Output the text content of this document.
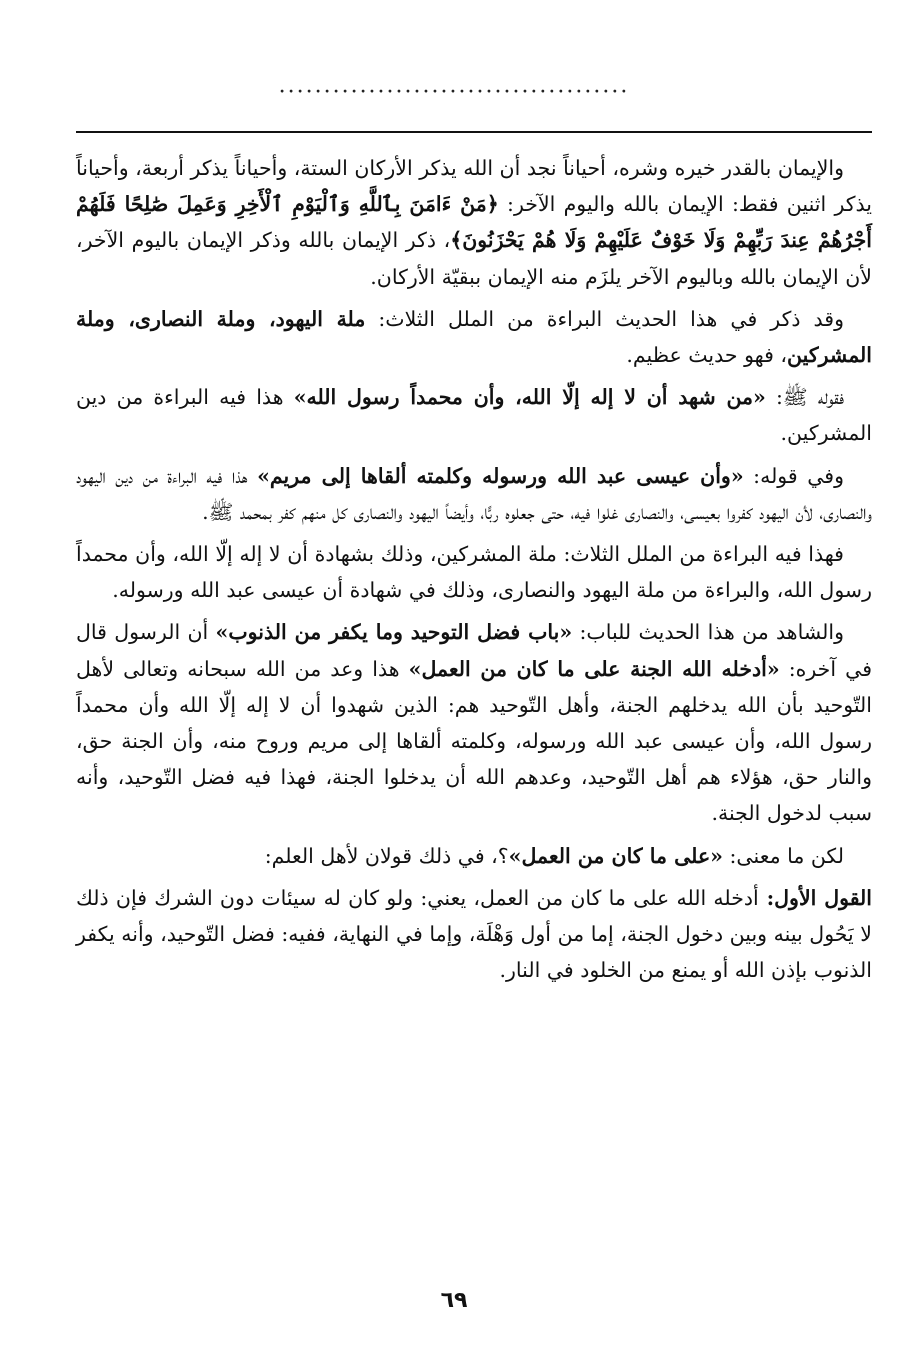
·······································

والإيمان بالقدر خيره وشره، أحياناً نجد أن الله يذكر الأركان الستة، وأحياناً يذكر أربعة، وأحياناً يذكر اثنين فقط: الإيمان بالله واليوم الآخر: ﴿مَنْ ءَامَنَ بِٱللَّهِ وَٱلْيَوْمِ ٱلْأَخِرِ وَعَمِلَ صَٰلِحًا فَلَهُمْ أَجْرُهُمْ عِندَ رَبِّهِمْ وَلَا خَوْفٌ عَلَيْهِمْ وَلَا هُمْ يَحْزَنُونَ﴾، ذكر الإيمان بالله وذكر الإيمان باليوم الآخر، لأن الإيمان بالله وباليوم الآخر يلزَم منه الإيمان ببقيّة الأركان.

وقد ذكر في هذا الحديث البراءة من الملل الثلاث: ملة اليهود، وملة النصارى، وملة المشركين، فهو حديث عظيم.

فقوله ﷺ: «من شهد أن لا إله إلّا الله، وأن محمداً رسول الله» هذا فيه البراءة من دين المشركين.

وفي قوله: «وأن عيسى عبد الله ورسوله وكلمته ألقاها إلى مريم» هذا فيه البراءة من دين اليهود والنصارى، لأن اليهود كفروا بعيسى، والنصارى غلوا فيه، حتى جعلوه ربًّا، وأيضاً اليهود والنصارى كل منهم كفر بمحمد ﷺ.

فهذا فيه البراءة من الملل الثلاث: ملة المشركين، وذلك بشهادة أن لا إله إلّا الله، وأن محمداً رسول الله، والبراءة من ملة اليهود والنصارى، وذلك في شهادة أن عيسى عبد الله ورسوله.

والشاهد من هذا الحديث للباب: «باب فضل التوحيد وما يكفر من الذنوب» أن الرسول قال في آخره: «أدخله الله الجنة على ما كان من العمل» هذا وعد من الله سبحانه وتعالى لأهل التّوحيد بأن الله يدخلهم الجنة، وأهل التّوحيد هم: الذين شهدوا أن لا إله إلّا الله وأن محمداً رسول الله، وأن عيسى عبد الله ورسوله، وكلمته ألقاها إلى مريم وروح منه، وأن الجنة حق، والنار حق، هؤلاء هم أهل التّوحيد، وعدهم الله أن يدخلوا الجنة، فهذا فيه فضل التّوحيد، وأنه سبب لدخول الجنة.

لكن ما معنى: «على ما كان من العمل»؟، في ذلك قولان لأهل العلم:

القول الأول: أدخله الله على ما كان من العمل، يعني: ولو كان له سيئات دون الشرك فإن ذلك لا يَحُول بينه وبين دخول الجنة، إما من أول وَهْلَة، وإما في النهاية، ففيه: فضل التّوحيد، وأنه يكفر الذنوب بإذن الله أو يمنع من الخلود في النار.

٦٩
